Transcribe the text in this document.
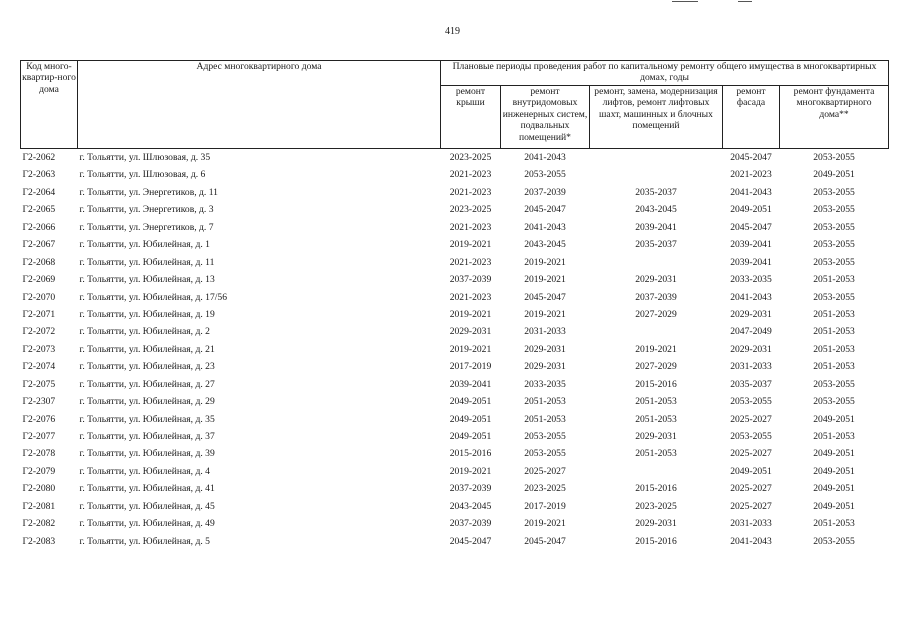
419
Код много-квартир-ного дома	Адрес многоквартирного дома	Плановые периоды проведения работ по капитальному ремонту общего имущества в многоквартирных домах, годы				
		ремонт крыши	ремонт внутридомовых инженерных систем, подвальных помещений*	ремонт, замена, модернизация лифтов, ремонт лифтовых шахт, машинных и блочных помещений	ремонт фасада	ремонт фундамента многоквартирного дома**
Г2-2062	г. Тольятти, ул. Шлюзовая, д. 35	2023-2025	2041-2043		2045-2047	2053-2055
Г2-2063	г. Тольятти, ул. Шлюзовая, д. 6	2021-2023	2053-2055		2021-2023	2049-2051
Г2-2064	г. Тольятти, ул. Энергетиков, д. 11	2021-2023	2037-2039	2035-2037	2041-2043	2053-2055
Г2-2065	г. Тольятти, ул. Энергетиков, д. 3	2023-2025	2045-2047	2043-2045	2049-2051	2053-2055
Г2-2066	г. Тольятти, ул. Энергетиков, д. 7	2021-2023	2041-2043	2039-2041	2045-2047	2053-2055
Г2-2067	г. Тольятти, ул. Юбилейная, д. 1	2019-2021	2043-2045	2035-2037	2039-2041	2053-2055
Г2-2068	г. Тольятти, ул. Юбилейная, д. 11	2021-2023	2019-2021		2039-2041	2053-2055
Г2-2069	г. Тольятти, ул. Юбилейная, д. 13	2037-2039	2019-2021	2029-2031	2033-2035	2051-2053
Г2-2070	г. Тольятти, ул. Юбилейная, д. 17/56	2021-2023	2045-2047	2037-2039	2041-2043	2053-2055
Г2-2071	г. Тольятти, ул. Юбилейная, д. 19	2019-2021	2019-2021	2027-2029	2029-2031	2051-2053
Г2-2072	г. Тольятти, ул. Юбилейная, д. 2	2029-2031	2031-2033		2047-2049	2051-2053
Г2-2073	г. Тольятти, ул. Юбилейная, д. 21	2019-2021	2029-2031	2019-2021	2029-2031	2051-2053
Г2-2074	г. Тольятти, ул. Юбилейная, д. 23	2017-2019	2029-2031	2027-2029	2031-2033	2051-2053
Г2-2075	г. Тольятти, ул. Юбилейная, д. 27	2039-2041	2033-2035	2015-2016	2035-2037	2053-2055
Г2-2307	г. Тольятти, ул. Юбилейная, д. 29	2049-2051	2051-2053	2051-2053	2053-2055	2053-2055
Г2-2076	г. Тольятти, ул. Юбилейная, д. 35	2049-2051	2051-2053	2051-2053	2025-2027	2049-2051
Г2-2077	г. Тольятти, ул. Юбилейная, д. 37	2049-2051	2053-2055	2029-2031	2053-2055	2051-2053
Г2-2078	г. Тольятти, ул. Юбилейная, д. 39	2015-2016	2053-2055	2051-2053	2025-2027	2049-2051
Г2-2079	г. Тольятти, ул. Юбилейная, д. 4	2019-2021	2025-2027		2049-2051	2049-2051
Г2-2080	г. Тольятти, ул. Юбилейная, д. 41	2037-2039	2023-2025	2015-2016	2025-2027	2049-2051
Г2-2081	г. Тольятти, ул. Юбилейная, д. 45	2043-2045	2017-2019	2023-2025	2025-2027	2049-2051
Г2-2082	г. Тольятти, ул. Юбилейная, д. 49	2037-2039	2019-2021	2029-2031	2031-2033	2051-2053
Г2-2083	г. Тольятти, ул. Юбилейная, д. 5	2045-2047	2045-2047	2015-2016	2041-2043	2053-2055
